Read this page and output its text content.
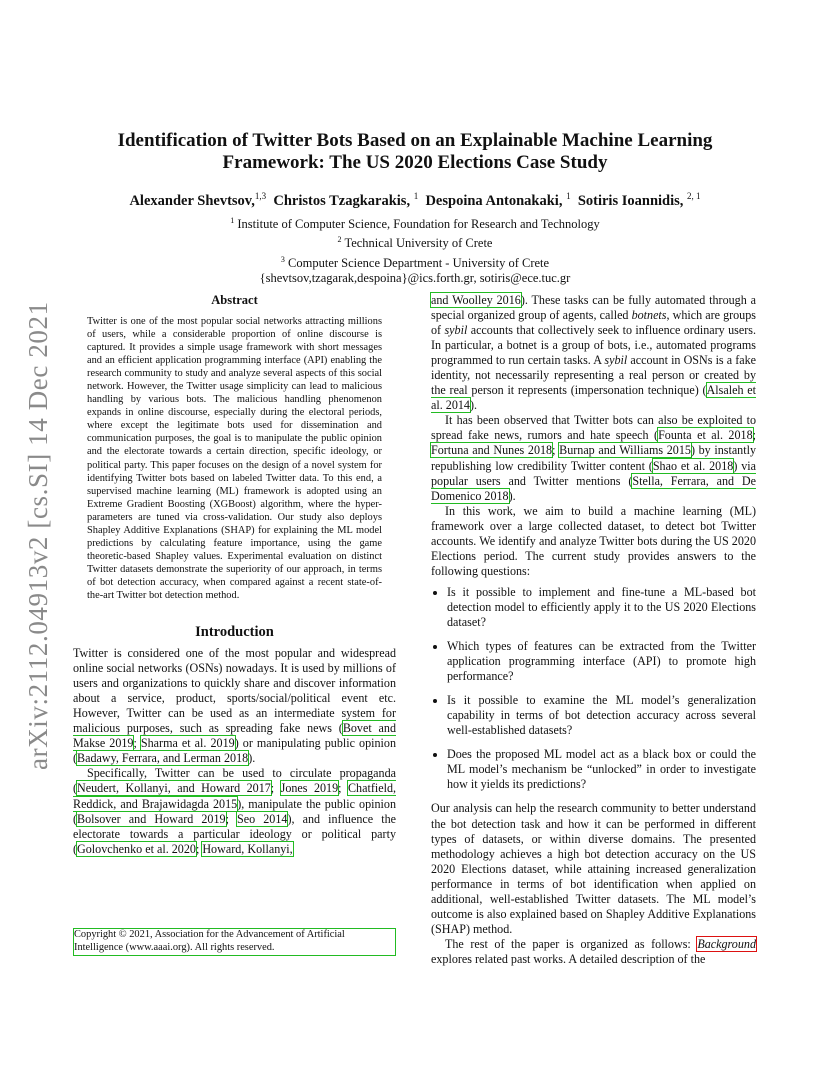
arXiv:2112.04913v2 [cs.SI] 14 Dec 2021
Identification of Twitter Bots Based on an Explainable Machine Learning Framework: The US 2020 Elections Case Study
Alexander Shevtsov,$^{1,3}$ Christos Tzagkarakis, $^1$ Despoina Antonakaki, $^1$ Sotiris Ioannidis, $^{2, 1}$
$^1$ Institute of Computer Science, Foundation for Research and Technology
$^2$ Technical University of Crete
$^3$ Computer Science Department - University of Crete
{shevtsov,tzagarak,despoina}@ics.forth.gr, sotiris@ece.tuc.gr
Abstract
Twitter is one of the most popular social networks attracting millions of users, while a considerable proportion of online discourse is captured. It provides a simple usage framework with short messages and an efficient application programming interface (API) enabling the research community to study and analyze several aspects of this social network. However, the Twitter usage simplicity can lead to malicious handling by various bots. The malicious handling phenomenon expands in online discourse, especially during the electoral periods, where except the legitimate bots used for dissemination and communication purposes, the goal is to manipulate the public opinion and the electorate towards a certain direction, specific ideology, or political party. This paper focuses on the design of a novel system for identifying Twitter bots based on labeled Twitter data. To this end, a supervised machine learning (ML) framework is adopted using an Extreme Gradient Boosting (XGBoost) algorithm, where the hyper-parameters are tuned via cross-validation. Our study also deploys Shapley Additive Explanations (SHAP) for explaining the ML model predictions by calculating feature importance, using the game theoretic-based Shapley values. Experimental evaluation on distinct Twitter datasets demonstrate the superiority of our approach, in terms of bot detection accuracy, when compared against a recent state-of-the-art Twitter bot detection method.
Introduction

Twitter is considered one of the most popular and widespread online social networks (OSNs) nowadays. It is used by millions of users and organizations to quickly share and discover information about a service, product, sports/social/political event etc. However, Twitter can be used as an intermediate system for malicious purposes, such as spreading fake news (Bovet and Makse 2019; Sharma et al. 2019) or manipulating public opinion (Badawy, Ferrara, and Lerman 2018).

Specifically, Twitter can be used to circulate propaganda (Neudert, Kollanyi, and Howard 2017; Jones 2019; Chatfield, Reddick, and Brajawidagda 2015), manipulate the public opinion (Bolsover and Howard 2019; Seo 2014), and influence the electorate towards a particular ideology or political party (Golovchenko et al. 2020; Howard, Kollanyi,

Copyright © 2021, Association for the Advancement of Artificial Intelligence (www.aaai.org). All rights reserved.

and Woolley 2016). These tasks can be fully automated through a special organized group of agents, called botnets, which are groups of sybil accounts that collectively seek to influence ordinary users. In particular, a botnet is a group of bots, i.e., automated programs programmed to run certain tasks. A sybil account in OSNs is a fake identity, not necessarily representing a real person or created by the real person it represents (impersonation technique) (Alsaleh et al. 2014).

It has been observed that Twitter bots can also be exploited to spread fake news, rumors and hate speech (Founta et al. 2018; Fortuna and Nunes 2018; Burnap and Williams 2015) by instantly republishing low credibility Twitter content (Shao et al. 2018) via popular users and Twitter mentions (Stella, Ferrara, and De Domenico 2018).

In this work, we aim to build a machine learning (ML) framework over a large collected dataset, to detect bot Twitter accounts. We identify and analyze Twitter bots during the US 2020 Elections period. The current study provides answers to the following questions:

• Is it possible to implement and fine-tune a ML-based bot detection model to efficiently apply it to the US 2020 Elections dataset?
• Which types of features can be extracted from the Twitter application programming interface (API) to promote high performance?
• Is it possible to examine the ML model’s generalization capability in terms of bot detection accuracy across several well-established datasets?
• Does the proposed ML model act as a black box or could the ML model’s mechanism be “unlocked” in order to investigate how it yields its predictions?

Our analysis can help the research community to better understand the bot detection task and how it can be performed in different types of datasets, or within diverse domains. The presented methodology achieves a high bot detection accuracy on the US 2020 Elections dataset, while attaining increased generalization performance in terms of bot identification when applied on additional, well-established Twitter datasets. The ML model’s outcome is also explained based on Shapley Additive Explanations (SHAP) method.

The rest of the paper is organized as follows: Background explores related past works. A detailed description of the
